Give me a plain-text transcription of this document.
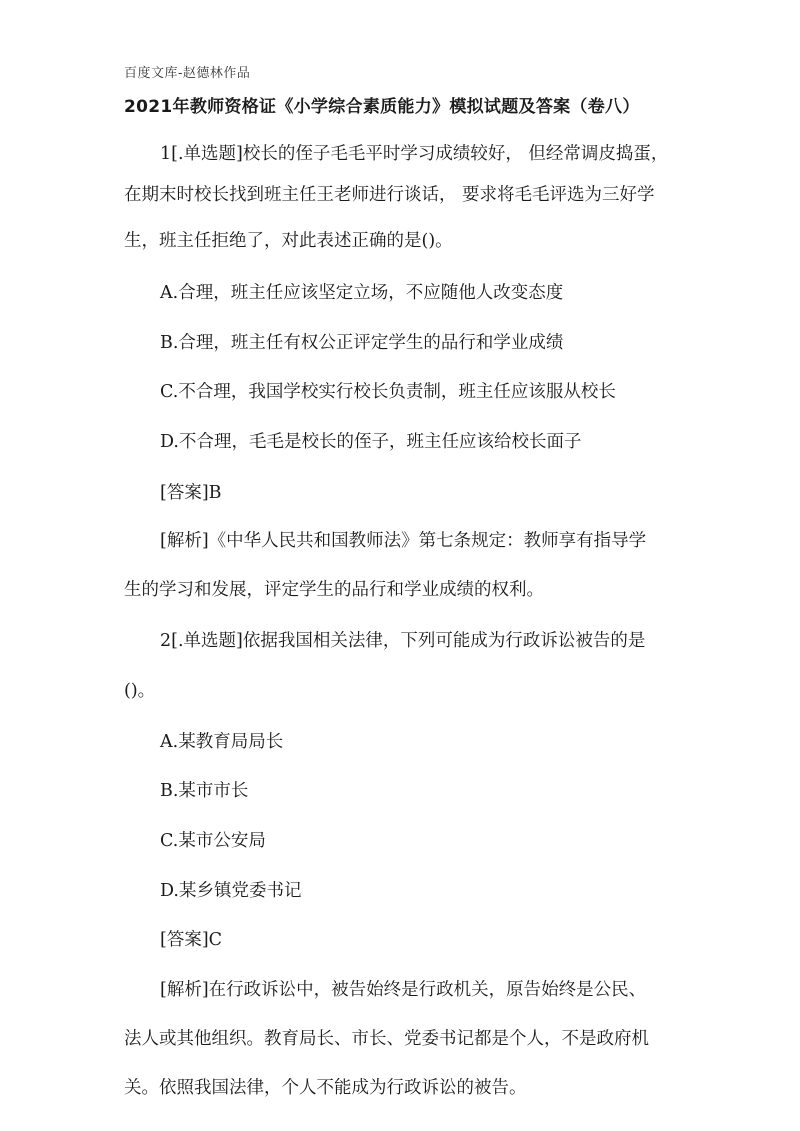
百度文库-赵德林作品
2021年教师资格证《小学综合素质能力》模拟试题及答案（卷八）
1[.单选题]校长的侄子毛毛平时学习成绩较好， 但经常调皮捣蛋，
在期末时校长找到班主任王老师进行谈话， 要求将毛毛评选为三好学
生，班主任拒绝了，对此表述正确的是()。
A.合理，班主任应该坚定立场，不应随他人改变态度
B.合理，班主任有权公正评定学生的品行和学业成绩
C.不合理，我国学校实行校长负责制，班主任应该服从校长
D.不合理，毛毛是校长的侄子，班主任应该给校长面子
[答案]B
[解析]《中华人民共和国教师法》第七条规定：教师享有指导学
生的学习和发展，评定学生的品行和学业成绩的权利。
2[.单选题]依据我国相关法律，下列可能成为行政诉讼被告的是
()。
A.某教育局局长
B.某市市长
C.某市公安局
D.某乡镇党委书记
[答案]C
[解析]在行政诉讼中，被告始终是行政机关，原告始终是公民、
法人或其他组织。教育局长、市长、党委书记都是个人，不是政府机
关。依照我国法律，个人不能成为行政诉讼的被告。
